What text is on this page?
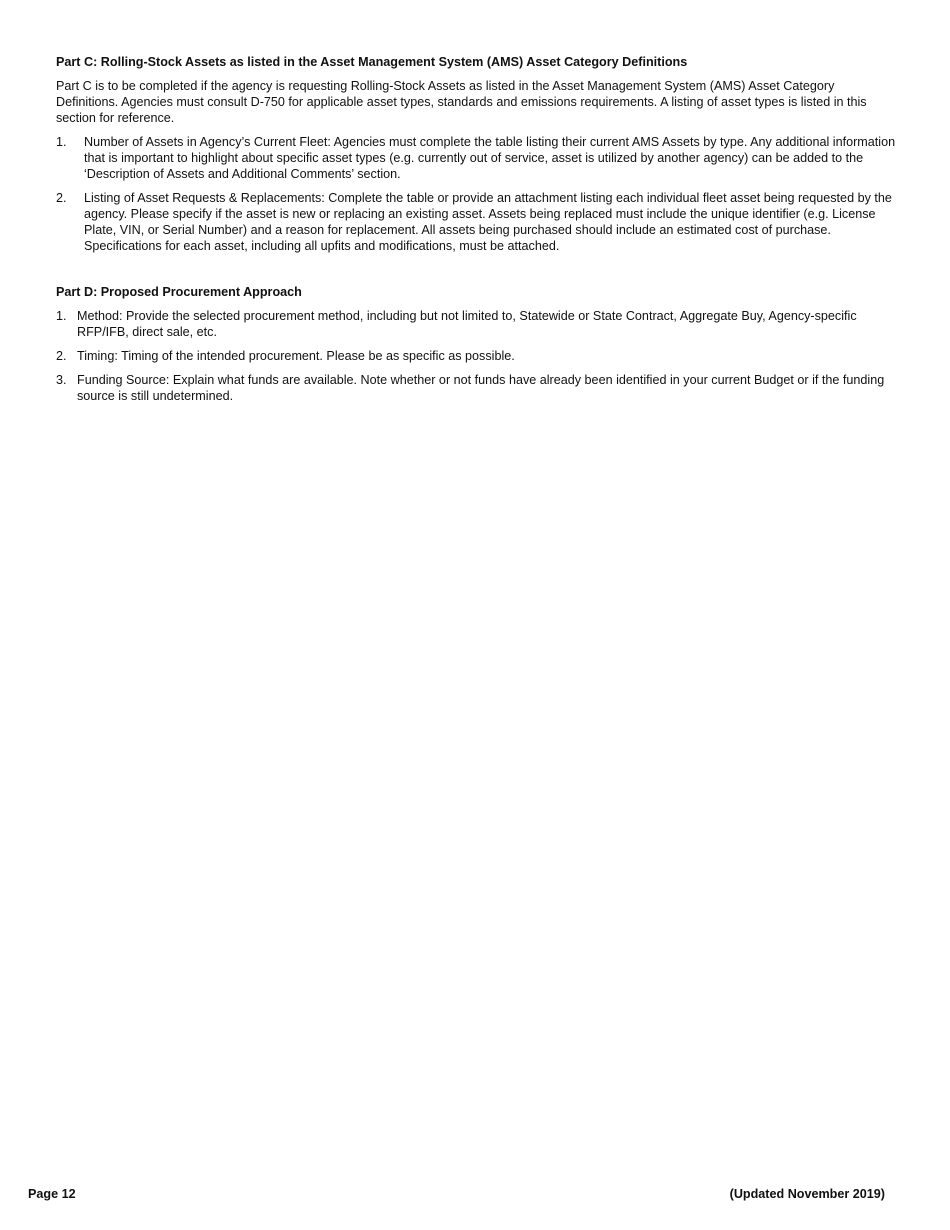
Part C: Rolling-Stock Assets as listed in the Asset Management System (AMS) Asset Category Definitions

Part C is to be completed if the agency is requesting Rolling-Stock Assets as listed in the Asset Management System (AMS) Asset Category Definitions. Agencies must consult D-750 for applicable asset types, standards and emissions requirements. A listing of asset types is listed in this section for reference.

1.	Number of Assets in Agency’s Current Fleet: Agencies must complete the table listing their current AMS Assets by type. Any additional information that is important to highlight about specific asset types (e.g. currently out of service, asset is utilized by another agency) can be added to the ‘Description of Assets and Additional Comments’ section.
2.	Listing of Asset Requests & Replacements: Complete the table or provide an attachment listing each individual fleet asset being requested by the agency. Please specify if the asset is new or replacing an existing asset. Assets being replaced must include the unique identifier (e.g. License Plate, VIN, or Serial Number) and a reason for replacement. All assets being purchased should include an estimated cost of purchase. Specifications for each asset, including all upfits and modifications, must be attached.

Part D: Proposed Procurement Approach

1. Method: Provide the selected procurement method, including but not limited to, Statewide or State Contract, Aggregate Buy, Agency-specific RFP/IFB, direct sale, etc.
2. Timing: Timing of the intended procurement. Please be as specific as possible.
3. Funding Source: Explain what funds are available. Note whether or not funds have already been identified in your current Budget or if the funding source is still undetermined.
Page 12	(Updated November 2019)
